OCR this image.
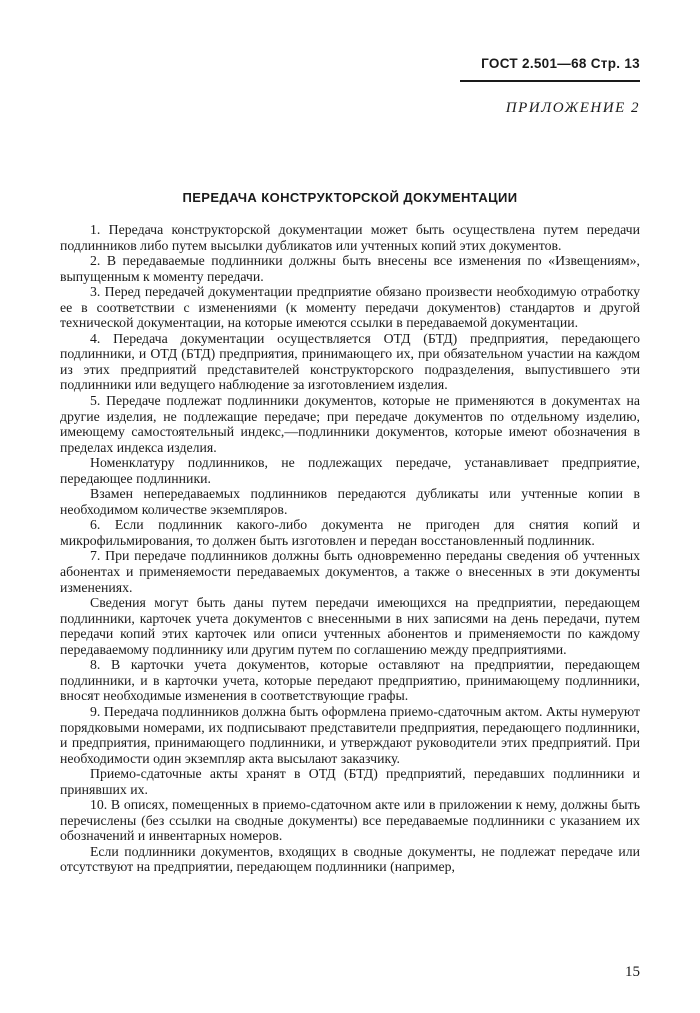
ГОСТ 2.501—68 Стр. 13
ПРИЛОЖЕНИЕ 2
ПЕРЕДАЧА КОНСТРУКТОРСКОЙ ДОКУМЕНТАЦИИ

1. Передача конструкторской документации может быть осуществлена путем передачи подлинников либо путем высылки дубликатов или учтенных копий этих документов.

2. В передаваемые подлинники должны быть внесены все изменения по «Извещениям», выпущенным к моменту передачи.

3. Перед передачей документации предприятие обязано произвести необходимую отработку ее в соответствии с изменениями (к моменту передачи документов) стандартов и другой технической документации, на которые имеются ссылки в передаваемой документации.

4. Передача документации осуществляется ОТД (БТД) предприятия, передающего подлинники, и ОТД (БТД) предприятия, принимающего их, при обязательном участии на каждом из этих предприятий представителей конструкторского подразделения, выпустившего эти подлинники или ведущего наблюдение за изготовлением изделия.

5. Передаче подлежат подлинники документов, которые не применяются в документах на другие изделия, не подлежащие передаче; при передаче документов по отдельному изделию, имеющему самостоятельный индекс,—подлинники документов, которые имеют обозначения в пределах индекса изделия.

Номенклатуру подлинников, не подлежащих передаче, устанавливает предприятие, передающее подлинники.

Взамен непередаваемых подлинников передаются дубликаты или учтенные копии в необходимом количестве экземпляров.

6. Если подлинник какого-либо документа не пригоден для снятия копий и микрофильмирования, то должен быть изготовлен и передан восстановленный подлинник.

7. При передаче подлинников должны быть одновременно переданы сведения об учтенных абонентах и применяемости передаваемых документов, а также о внесенных в эти документы изменениях.

Сведения могут быть даны путем передачи имеющихся на предприятии, передающем подлинники, карточек учета документов с внесенными в них записями на день передачи, путем передачи копий этих карточек или описи учтенных абонентов и применяемости по каждому передаваемому подлиннику или другим путем по соглашению между предприятиями.

8. В карточки учета документов, которые оставляют на предприятии, передающем подлинники, и в карточки учета, которые передают предприятию, принимающему подлинники, вносят необходимые изменения в соответствующие графы.

9. Передача подлинников должна быть оформлена приемо-сдаточным актом. Акты нумеруют порядковыми номерами, их подписывают представители предприятия, передающего подлинники, и предприятия, принимающего подлинники, и утверждают руководители этих предприятий. При необходимости один экземпляр акта высылают заказчику.

Приемо-сдаточные акты хранят в ОТД (БТД) предприятий, передавших подлинники и принявших их.

10. В описях, помещенных в приемо-сдаточном акте или в приложении к нему, должны быть перечислены (без ссылки на сводные документы) все передаваемые подлинники с указанием их обозначений и инвентарных номеров.

Если подлинники документов, входящих в сводные документы, не подлежат передаче или отсутствуют на предприятии, передающем подлинники (например,

15
